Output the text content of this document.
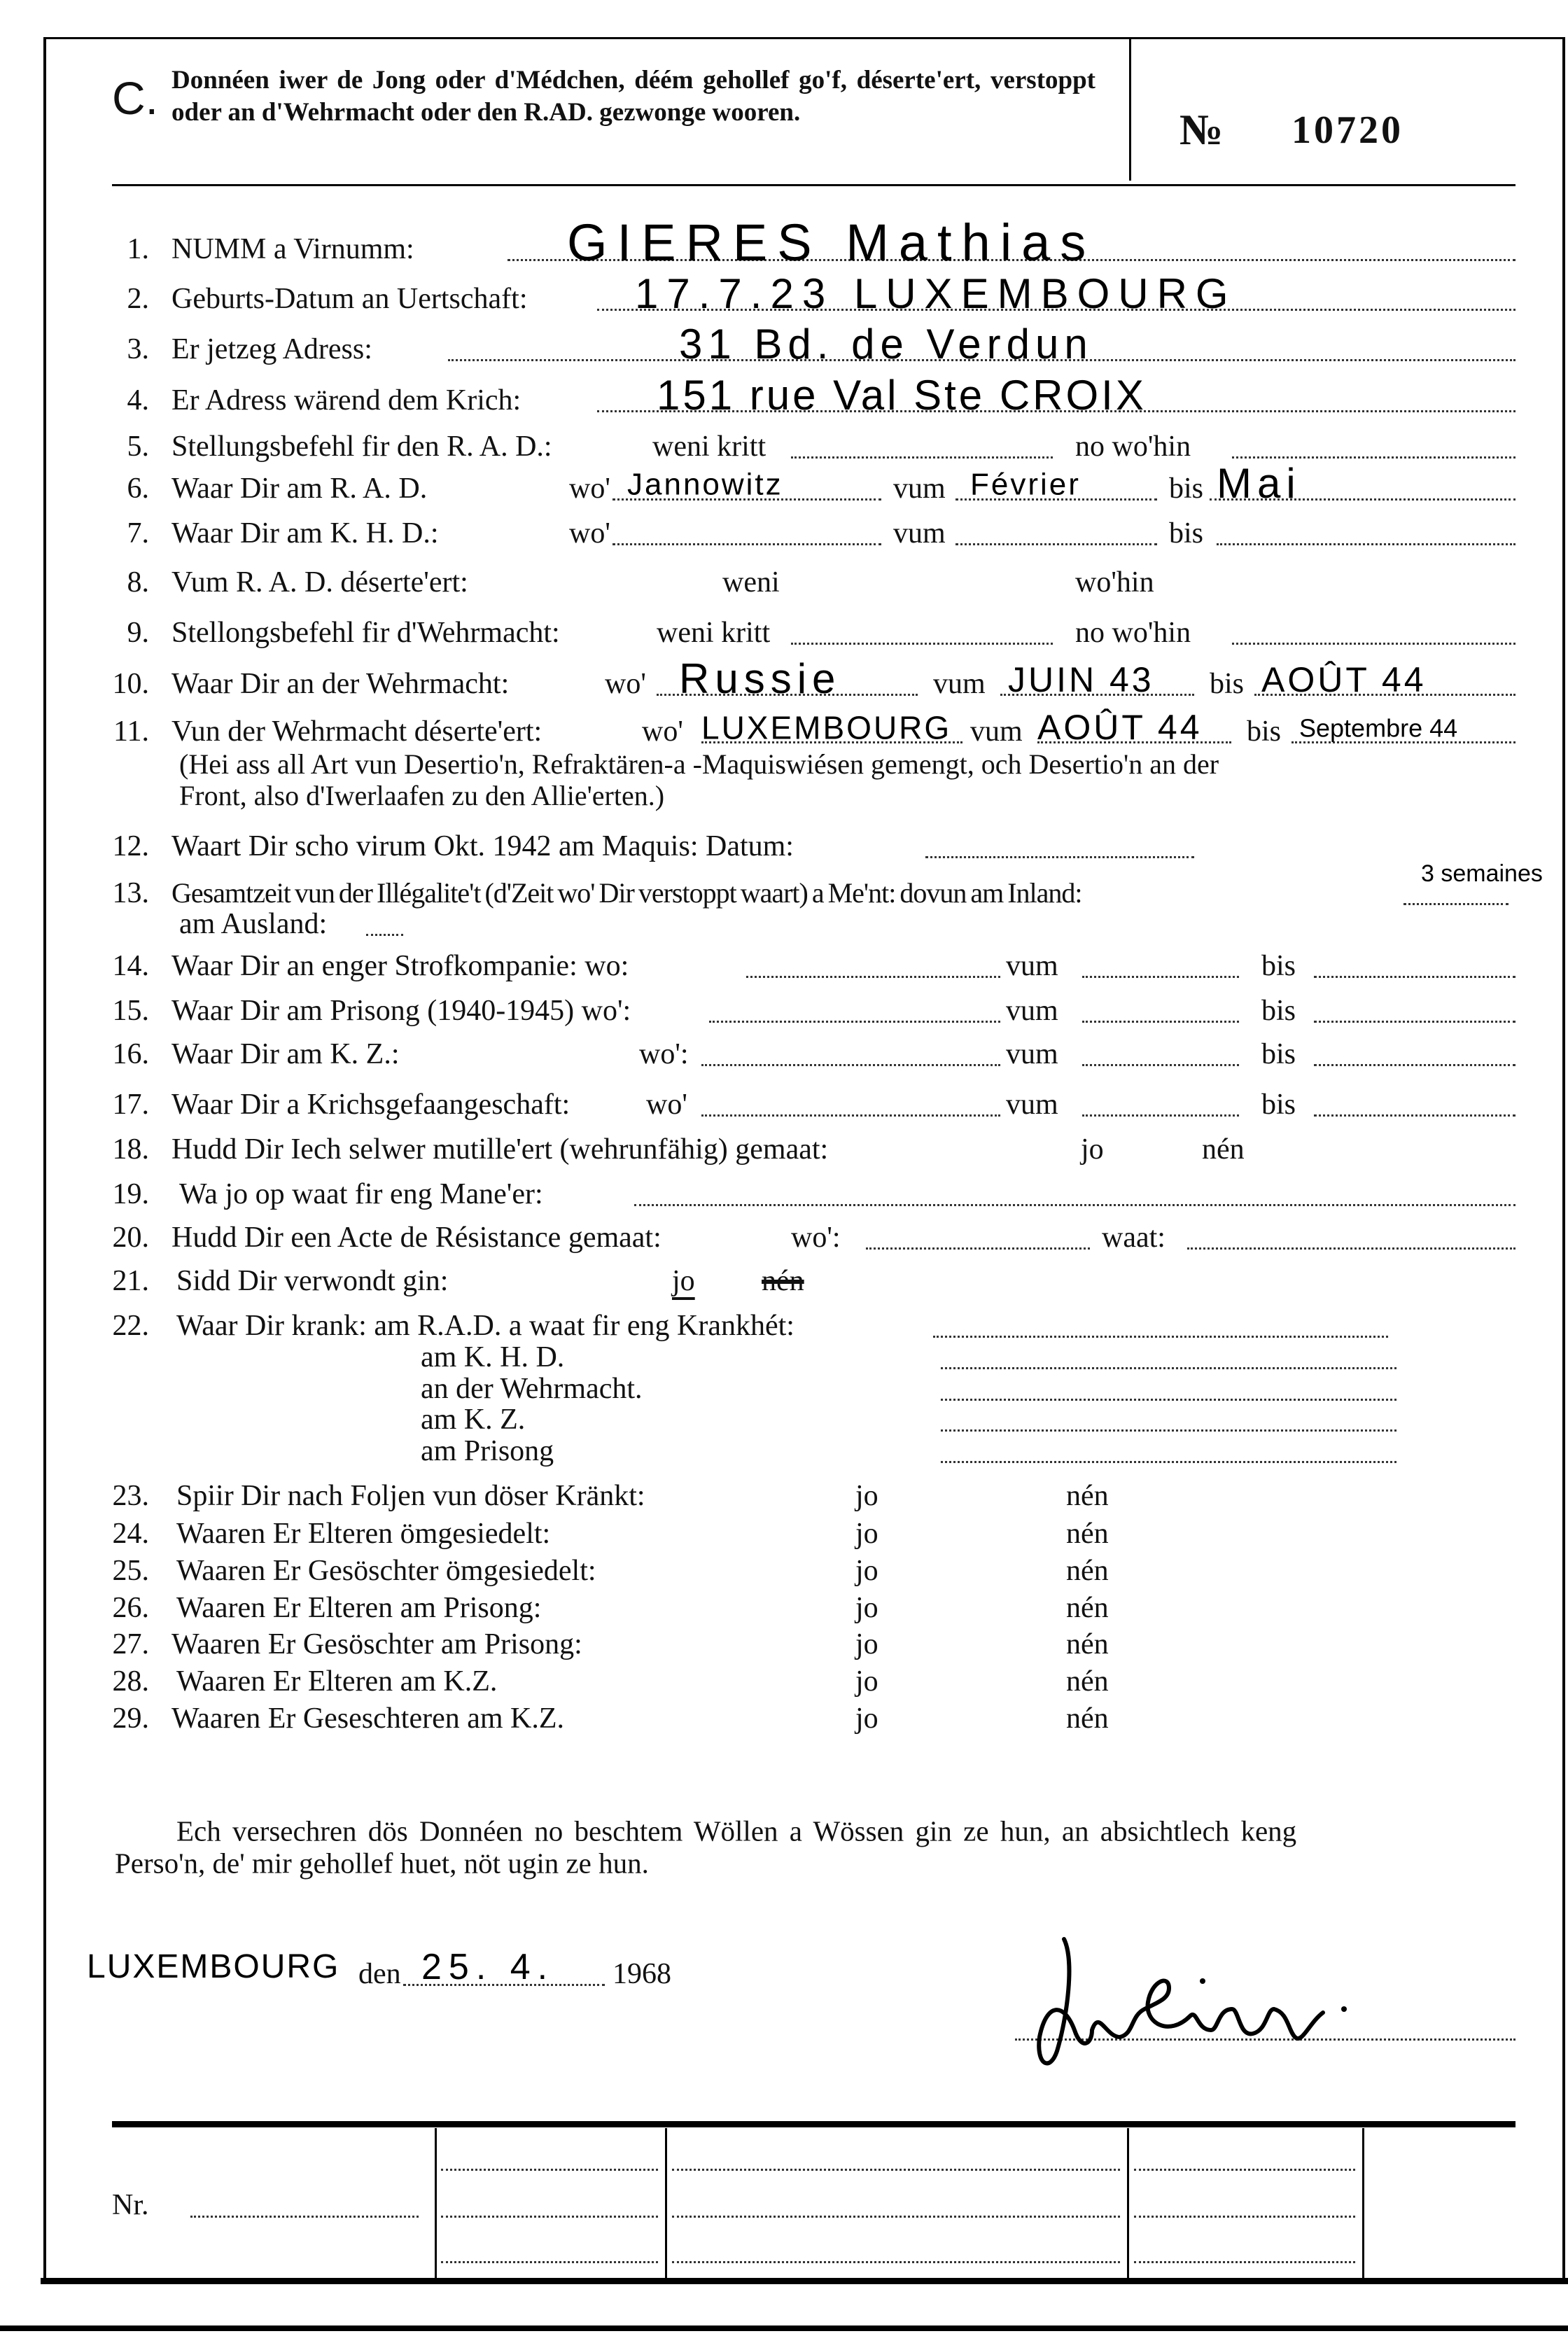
C. Donnéen iwer de Jong oder d'Médchen, déém gehollef go'f, déserte'ert, verstoppt oder an d'Wehrmacht oder den R.AD. gezwonge wooren.	№ 10720
1. NUMM a Virnumm:	GIERES Mathias
2. Geburts-Datum an Uertschaft:	17.7.23 LUXEMBOURG
3. Er jetzeg Adress:	31 Bd. de Verdun
4. Er Adress wärend dem Krich:	151 rue Val Ste CROIX
5. Stellungsbefehl fir den R. A. D.:	weni kritt	no wo'hin
6. Waar Dir am R. A. D.	wo' Jannowitz	vum Février	bis Mai
7. Waar Dir am K. H. D.:	wo'	vum	bis
8. Vum R. A. D. déserte'ert:	weni	wo'hin
9. Stellongsbefehl fir d'Wehrmacht:	weni kritt	no wo'hin
10. Waar Dir an der Wehrmacht:	wo' Russie	vum JUIN 43 bis AOÛT 44
11. Vun der Wehrmacht déserte'ert:	wo' LUXEMBOURG vum AOÛT 44 bis Septembre 44
(Hei ass all Art vun Desertio'n, Refraktären-a -Maquiswiésen gemengt, och Desertio'n an der
Front, also d'Iwerlaafen zu den Allie'erten.)
12. Waart Dir scho virum Okt. 1942 am Maquis: Datum:
13. Gesamtzeit vun der Illégalite't (d'Zeit wo' Dir verstoppt waart) a Me'nt: dovun am Inland:
3 semaines
am Ausland:
14. Waar Dir an enger Strofkompanie: wo:	vum	bis
15. Waar Dir am Prisong (1940-1945) wo':	vum	bis
16. Waar Dir am K. Z.:	wo':	vum	bis
17. Waar Dir a Krichsgefaangeschaft:	wo'	vum	bis
18. Hudd Dir Iech selwer mutille'ert (wehrunfähig) gemaat:	jo	nén
19. Wa jo op waat fir eng Mane'er:
20. Hudd Dir een Acte de Résistance gemaat:	wo':	waat:
21. Sidd Dir verwondt gin:	jo nén
22. Waar Dir krank: am R.A.D. a waat fir eng Krankhét:
am K. H. D.
an der Wehrmacht.
am K. Z.
am Prisong
23. Spiir Dir nach Foljen vun döser Kränkt:	jo	nén
24. Waaren Er Elteren ömgesiedelt:	jo	nén
25. Waaren Er Gesöschter ömgesiedelt:	jo	nén
26. Waaren Er Elteren am Prisong:	jo	nén
27. Waaren Er Gesöschter am Prisong:	jo	nén
28. Waaren Er Elteren am K.Z.	jo	nén
29. Waaren Er Geseschteren am K.Z.	jo	nén
Ech versechren dös Donnéen no beschtem Wöllen a Wössen gin ze hun, an absichtlech keng
Perso'n, de' mir gehollef huet, nöt ugin ze hun.
LUXEMBOURG den 25. 4. 1968
Nr.
